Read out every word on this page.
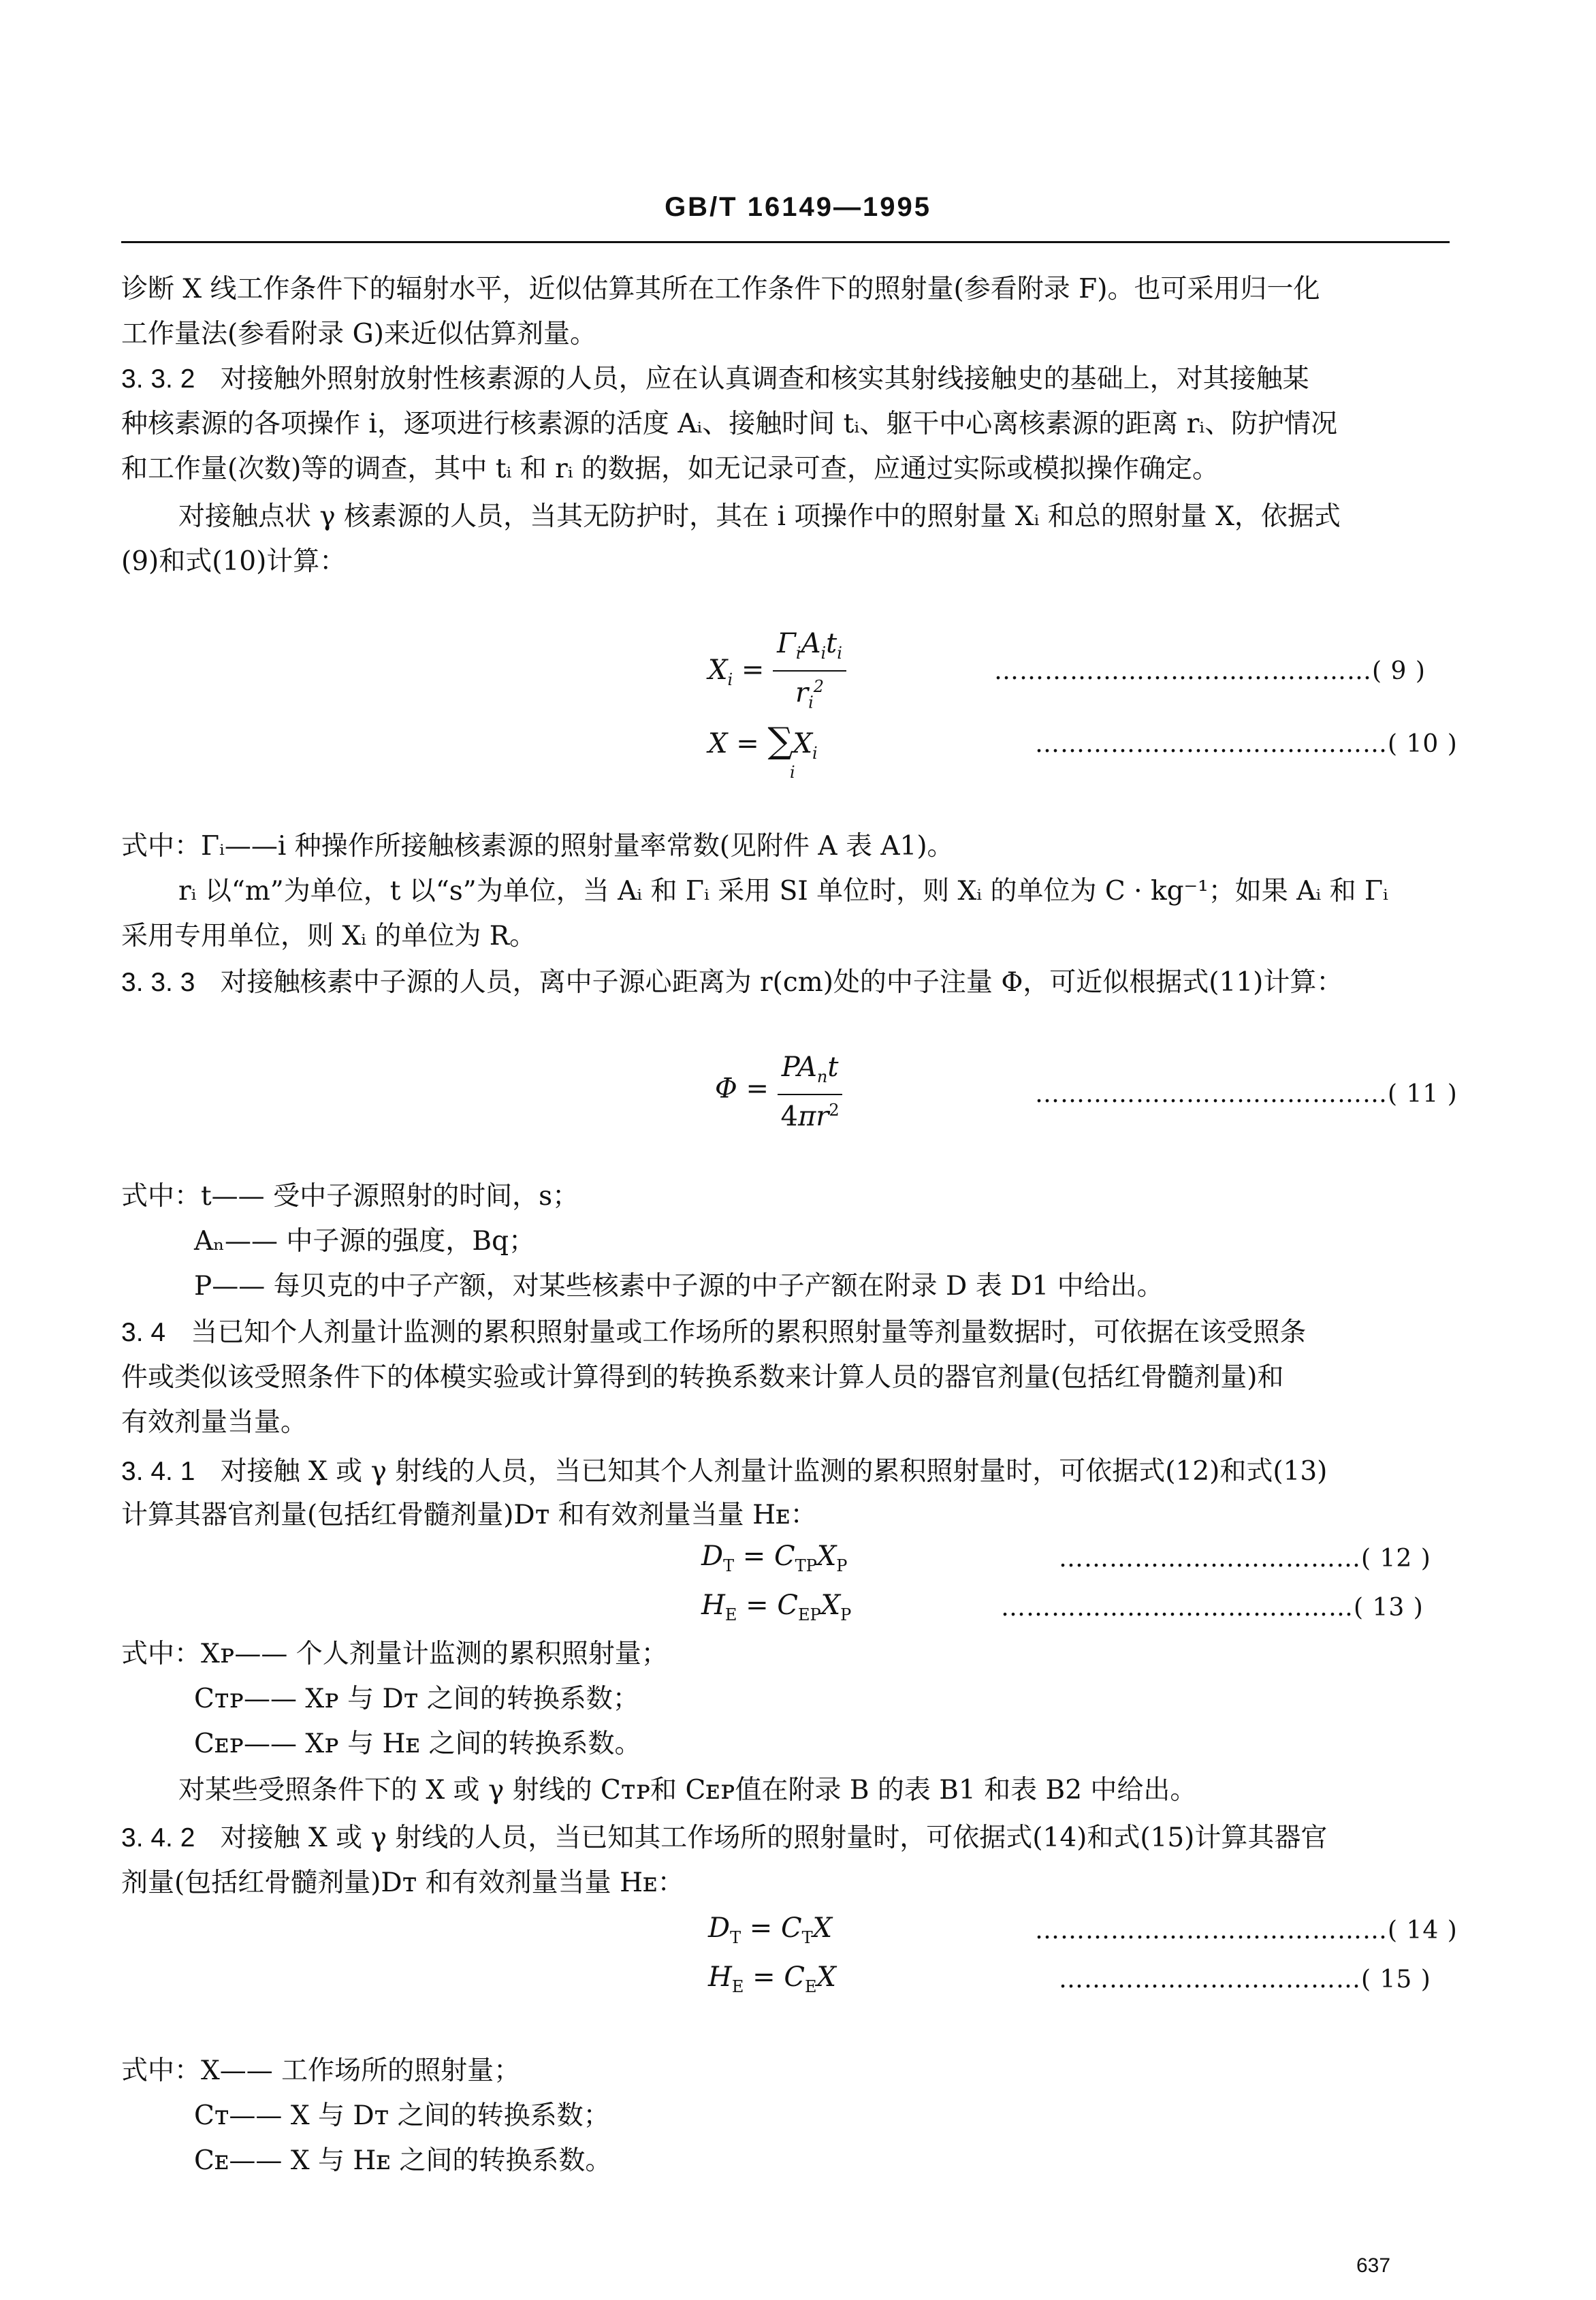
GB/T 16149—1995
诊断 X 线工作条件下的辐射水平，近似估算其所在工作条件下的照射量(参看附录 F)。也可采用归一化
工作量法(参看附录 G)来近似估算剂量。
3. 3. 2 对接触外照射放射性核素源的人员，应在认真调查和核实其射线接触史的基础上，对其接触某
种核素源的各项操作 i，逐项进行核素源的活度 Aᵢ、接触时间 tᵢ、躯干中心离核素源的距离 rᵢ、防护情况
和工作量(次数)等的调查，其中 tᵢ 和 rᵢ 的数据，如无记录可查，应通过实际或模拟操作确定。
对接触点状 γ 核素源的人员，当其无防护时，其在 i 项操作中的照射量 Xᵢ 和总的照射量 X，依据式
(9)和式(10)计算：
$X_i = \frac{\Gamma_iA_it_i}{r_i^2}$	………………………………………( 9 )
$X = \sum X_i$
i
……………………………………( 10 )
式中：Γᵢ——i 种操作所接触核素源的照射量率常数(见附件 A 表 A1)。
rᵢ 以“m”为单位，t 以“s”为单位，当 Aᵢ 和 Γᵢ 采用 SI 单位时，则 Xᵢ 的单位为 C · kg⁻¹；如果 Aᵢ 和 Γᵢ
采用专用单位，则 Xᵢ 的单位为 R。
3. 3. 3 对接触核素中子源的人员，离中子源心距离为 r(cm)处的中子注量 Φ，可近似根据式(11)计算：
$\Phi = \frac{PA_nt}{4\pi r^2}$	……………………………………( 11 )
式中：t—— 受中子源照射的时间，s；
Aₙ—— 中子源的强度，Bq；
P—— 每贝克的中子产额，对某些核素中子源的中子产额在附录 D 表 D1 中给出。
3. 4 当已知个人剂量计监测的累积照射量或工作场所的累积照射量等剂量数据时，可依据在该受照条
件或类似该受照条件下的体模实验或计算得到的转换系数来计算人员的器官剂量(包括红骨髓剂量)和
有效剂量当量。
3. 4. 1 对接触 X 或 γ 射线的人员，当已知其个人剂量计监测的累积照射量时，可依据式(12)和式(13)
计算其器官剂量(包括红骨髓剂量)Dᴛ 和有效剂量当量 Hᴇ：
$D_T = C_{TP}X_P$	………………………………( 12 )
$H_E = C_{EP}X_P$	……………………………………( 13 )
式中：Xᴘ—— 个人剂量计监测的累积照射量；
Cᴛᴘ—— Xᴘ 与 Dᴛ 之间的转换系数；
Cᴇᴘ—— Xᴘ 与 Hᴇ 之间的转换系数。
对某些受照条件下的 X 或 γ 射线的 Cᴛᴘ和 Cᴇᴘ值在附录 B 的表 B1 和表 B2 中给出。
3. 4. 2 对接触 X 或 γ 射线的人员，当已知其工作场所的照射量时，可依据式(14)和式(15)计算其器官
剂量(包括红骨髓剂量)Dᴛ 和有效剂量当量 Hᴇ：
$D_T = C_TX$	……………………………………( 14 )
$H_E = C_EX$	………………………………( 15 )
式中：X—— 工作场所的照射量；
Cᴛ—— X 与 Dᴛ 之间的转换系数；
Cᴇ—— X 与 Hᴇ 之间的转换系数。
637
